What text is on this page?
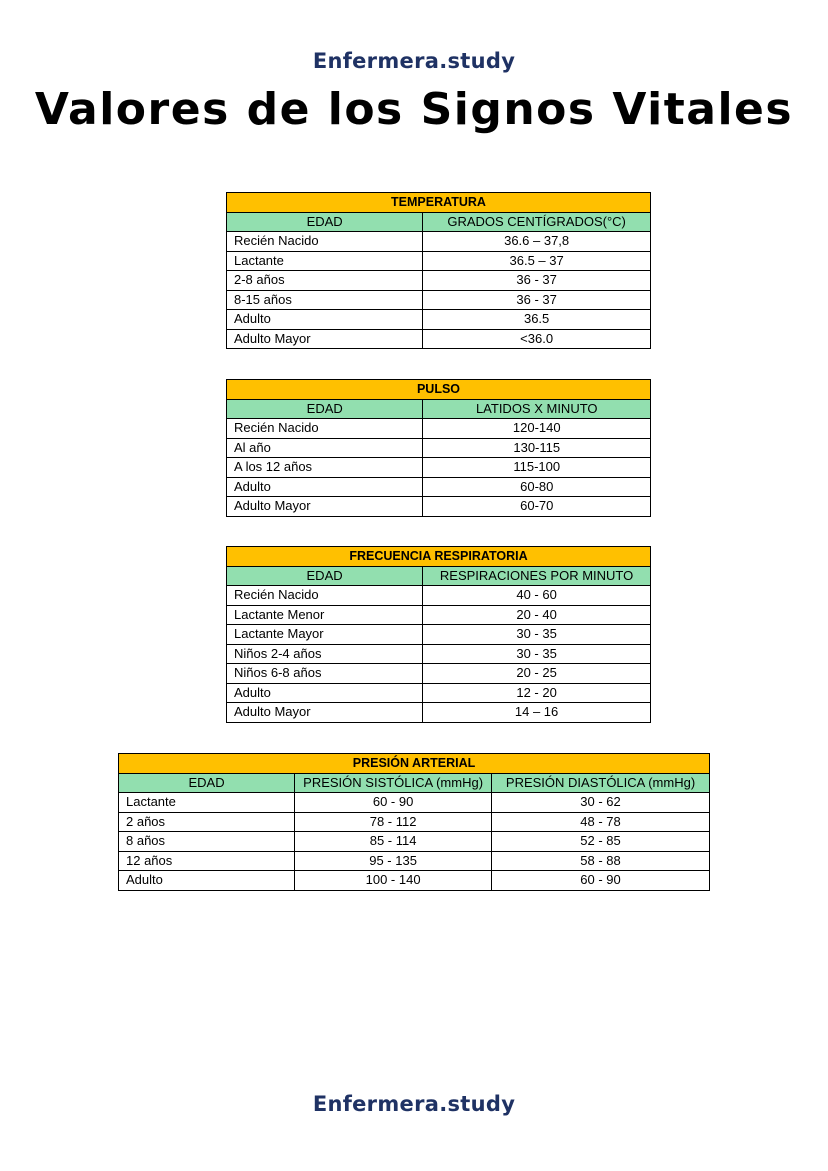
Enfermera.study
Valores de los Signos Vitales
TEMPERATURA	
EDAD	GRADOS CENTÍGRADOS(°C)
Recién Nacido	36.6 – 37,8
Lactante	36.5 – 37
2-8 años	36 - 37
8-15 años	36 - 37
Adulto	36.5
Adulto Mayor	<36.0
PULSO	
EDAD	LATIDOS X MINUTO
Recién Nacido	120-140
Al año	130-115
A los 12 años	115-100
Adulto	60-80
Adulto Mayor	60-70
FRECUENCIA RESPIRATORIA	
EDAD	RESPIRACIONES POR MINUTO
Recién Nacido	40 - 60
Lactante Menor	20 - 40
Lactante Mayor	30 - 35
Niños 2-4 años	30 - 35
Niños 6-8 años	20 - 25
Adulto	12 - 20
Adulto Mayor	14 – 16
PRESIÓN ARTERIAL		
EDAD	PRESIÓN SISTÓLICA (mmHg)	PRESIÓN DIASTÓLICA (mmHg)
Lactante	60 - 90	30 - 62
2 años	78 - 112	48 - 78
8 años	85 - 114	52 - 85
12 años	95 - 135	58 - 88
Adulto	100 - 140	60 - 90
Enfermera.study
